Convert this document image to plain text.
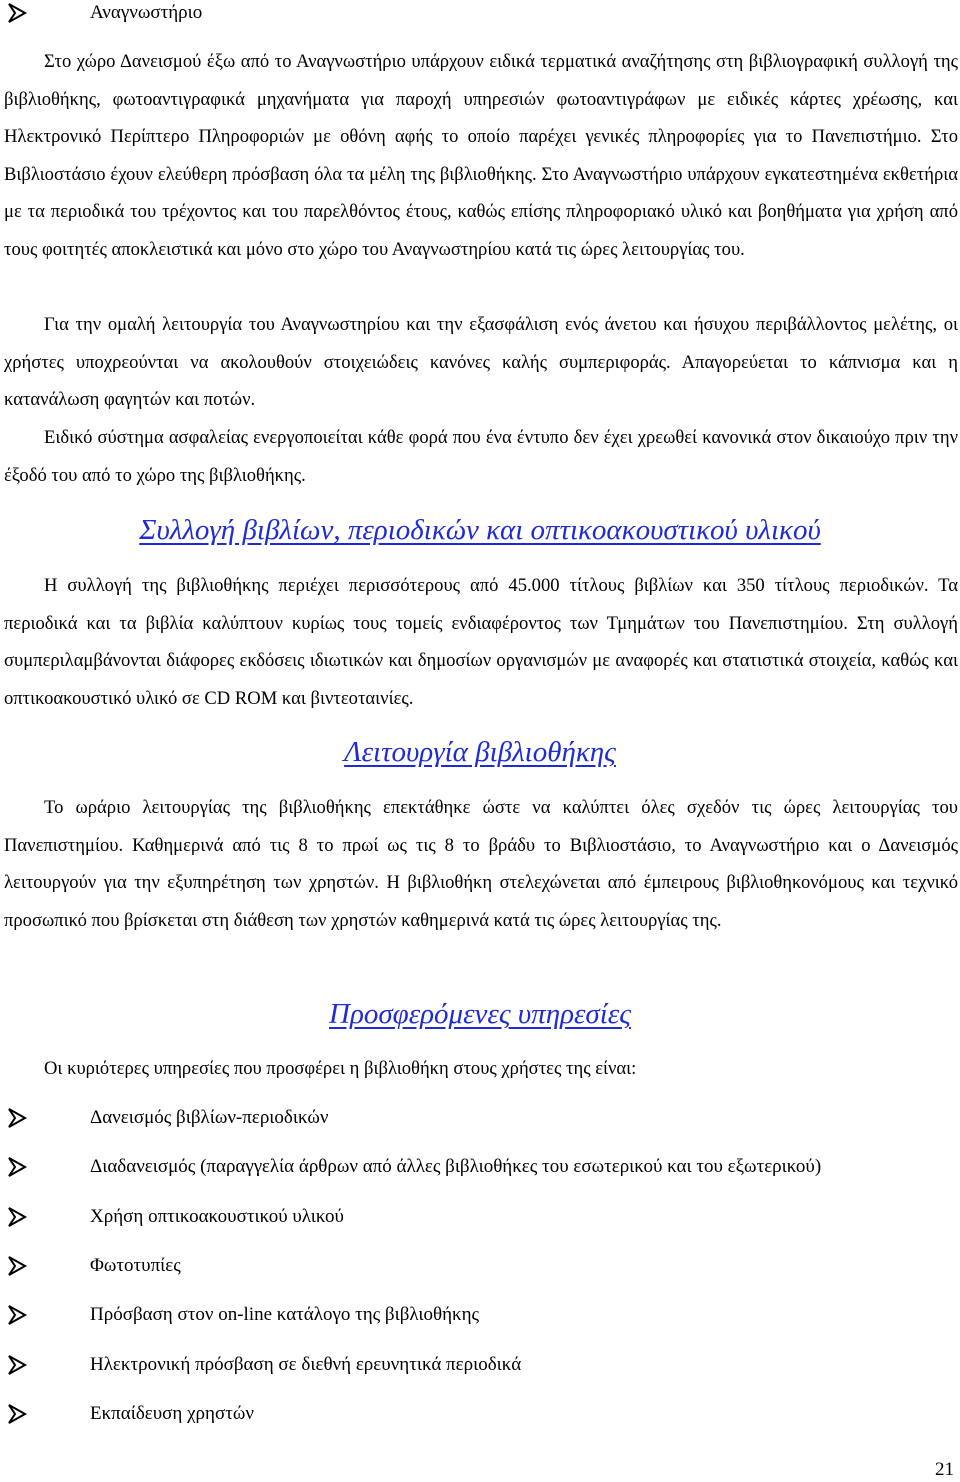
Αναγνωστήριο

Στο χώρο Δανεισμού έξω από το Αναγνωστήριο υπάρχουν ειδικά τερματικά αναζήτησης στη βιβλιογραφική συλλογή της βιβλιοθήκης, φωτοαντιγραφικά μηχανήματα για παροχή υπηρεσιών φωτοαντιγράφων με ειδικές κάρτες χρέωσης, και Ηλεκτρονικό Περίπτερο Πληροφοριών με οθόνη αφής το οποίο παρέχει γενικές πληροφορίες για το Πανεπιστήμιο. Στο Βιβλιοστάσιο έχουν ελεύθερη πρόσβαση όλα τα μέλη της βιβλιοθήκης. Στο Αναγνωστήριο υπάρχουν εγκατεστημένα εκθετήρια με τα περιοδικά του τρέχοντος και του παρελθόντος έτους, καθώς επίσης πληροφοριακό υλικό και βοηθήματα για χρήση από τους φοιτητές αποκλειστικά και μόνο στο χώρο του Αναγνωστηρίου κατά τις ώρες λειτουργίας του.

Για την ομαλή λειτουργία του Αναγνωστηρίου και την εξασφάλιση ενός άνετου και ήσυχου περιβάλλοντος μελέτης, οι χρήστες υποχρεούνται να ακολουθούν στοιχειώδεις κανόνες καλής συμπεριφοράς. Απαγορεύεται το κάπνισμα και η κατανάλωση φαγητών και ποτών.

Ειδικό σύστημα ασφαλείας ενεργοποιείται κάθε φορά που ένα έντυπο δεν έχει χρεωθεί κανονικά στον δικαιούχο πριν την έξοδό του από το χώρο της βιβλιοθήκης.

Συλλογή βιβλίων, περιοδικών και οπτικοακουστικού υλικού

Η συλλογή της βιβλιοθήκης περιέχει περισσότερους από 45.000 τίτλους βιβλίων και 350 τίτλους περιοδικών. Τα περιοδικά και τα βιβλία καλύπτουν κυρίως τους τομείς ενδιαφέροντος των Τμημάτων του Πανεπιστημίου. Στη συλλογή συμπεριλαμβάνονται διάφορες εκδόσεις ιδιωτικών και δημοσίων οργανισμών με αναφορές και στατιστικά στοιχεία, καθώς και οπτικοακουστικό υλικό σε CD ROM και βιντεοταινίες.

Λειτουργία βιβλιοθήκης

Το ωράριο λειτουργίας της βιβλιοθήκης επεκτάθηκε ώστε να καλύπτει όλες σχεδόν τις ώρες λειτουργίας του Πανεπιστημίου. Καθημερινά από τις 8 το πρωί ως τις 8 το βράδυ το Βιβλιοστάσιο, το Αναγνωστήριο και ο Δανεισμός λειτουργούν για την εξυπηρέτηση των χρηστών. Η βιβλιοθήκη στελεχώνεται από έμπειρους βιβλιοθηκονόμους και τεχνικό προσωπικό που βρίσκεται στη διάθεση των χρηστών καθημερινά κατά τις ώρες λειτουργίας της.

Προσφερόμενες υπηρεσίες

Οι κυριότερες υπηρεσίες που προσφέρει η βιβλιοθήκη στους χρήστες της είναι:

Δανεισμός βιβλίων-περιοδικών
Διαδανεισμός (παραγγελία άρθρων από άλλες βιβλιοθήκες του εσωτερικού και του εξωτερικού)
Χρήση οπτικοακουστικού υλικού
Φωτοτυπίες
Πρόσβαση στον on-line κατάλογο της βιβλιοθήκης
Ηλεκτρονική πρόσβαση σε διεθνή ερευνητικά περιοδικά
Εκπαίδευση χρηστών
21
